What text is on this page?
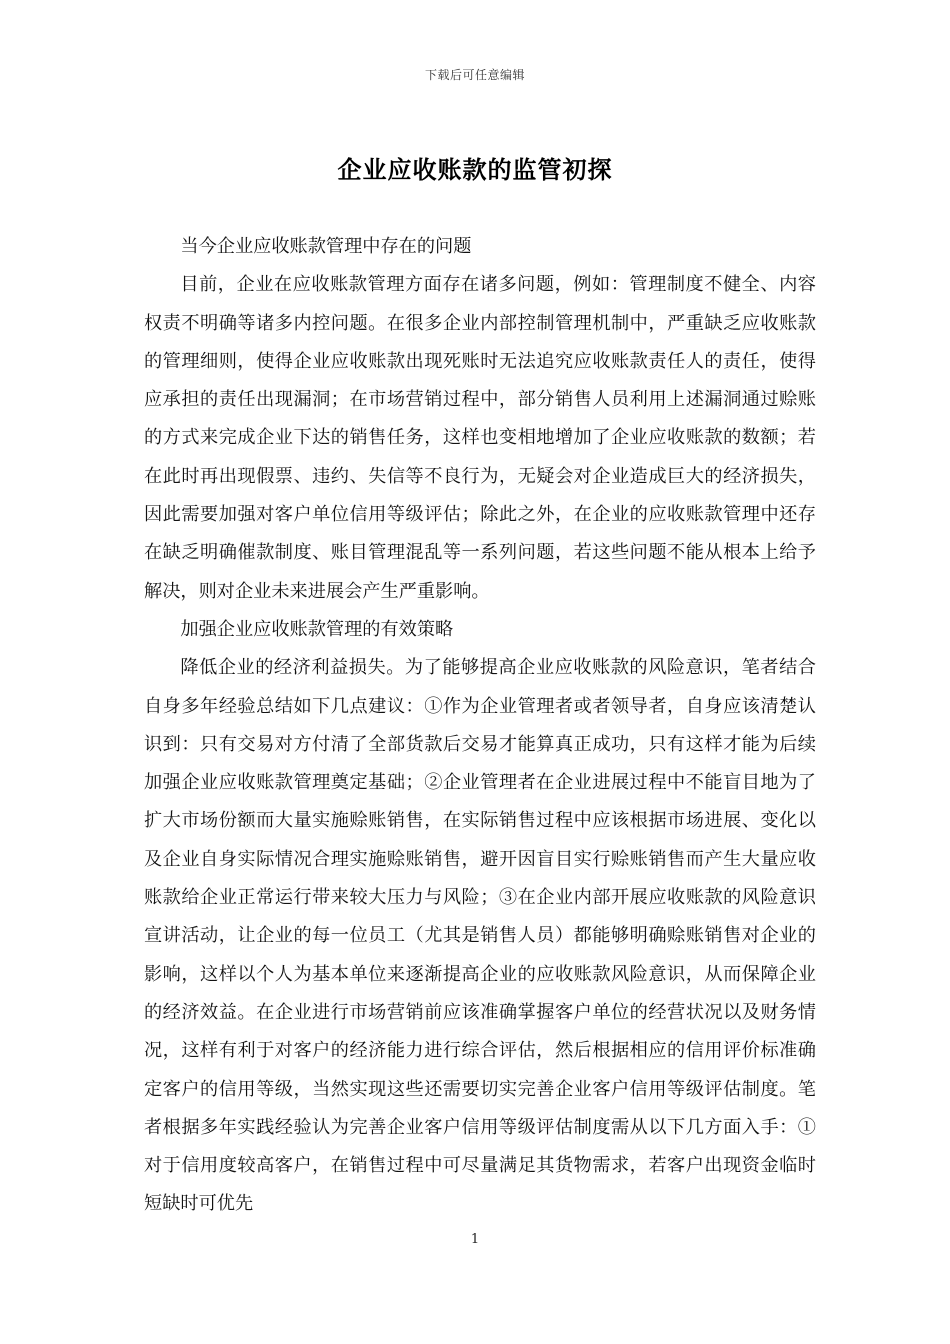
下载后可任意编辑
企业应收账款的监管初探

当今企业应收账款管理中存在的问题

目前，企业在应收账款管理方面存在诸多问题，例如：管理制度不健全、内容权责不明确等诸多内控问题。在很多企业内部控制管理机制中，严重缺乏应收账款的管理细则，使得企业应收账款出现死账时无法追究应收账款责任人的责任，使得应承担的责任出现漏洞；在市场营销过程中，部分销售人员利用上述漏洞通过赊账的方式来完成企业下达的销售任务，这样也变相地增加了企业应收账款的数额；若在此时再出现假票、违约、失信等不良行为，无疑会对企业造成巨大的经济损失，因此需要加强对客户单位信用等级评估；除此之外，在企业的应收账款管理中还存在缺乏明确催款制度、账目管理混乱等一系列问题，若这些问题不能从根本上给予解决，则对企业未来进展会产生严重影响。

加强企业应收账款管理的有效策略

降低企业的经济利益损失。为了能够提高企业应收账款的风险意识，笔者结合自身多年经验总结如下几点建议：①作为企业管理者或者领导者，自身应该清楚认识到：只有交易对方付清了全部货款后交易才能算真正成功，只有这样才能为后续加强企业应收账款管理奠定基础；②企业管理者在企业进展过程中不能盲目地为了扩大市场份额而大量实施赊账销售，在实际销售过程中应该根据市场进展、变化以及企业自身实际情况合理实施赊账销售，避开因盲目实行赊账销售而产生大量应收账款给企业正常运行带来较大压力与风险；③在企业内部开展应收账款的风险意识宣讲活动，让企业的每一位员工（尤其是销售人员）都能够明确赊账销售对企业的影响，这样以个人为基本单位来逐渐提高企业的应收账款风险意识，从而保障企业的经济效益。在企业进行市场营销前应该准确掌握客户单位的经营状况以及财务情况，这样有利于对客户的经济能力进行综合评估，然后根据相应的信用评价标准确定客户的信用等级，当然实现这些还需要切实完善企业客户信用等级评估制度。笔者根据多年实践经验认为完善企业客户信用等级评估制度需从以下几方面入手：①对于信用度较高客户，在销售过程中可尽量满足其货物需求，若客户出现资金临时短缺时可优先

1
